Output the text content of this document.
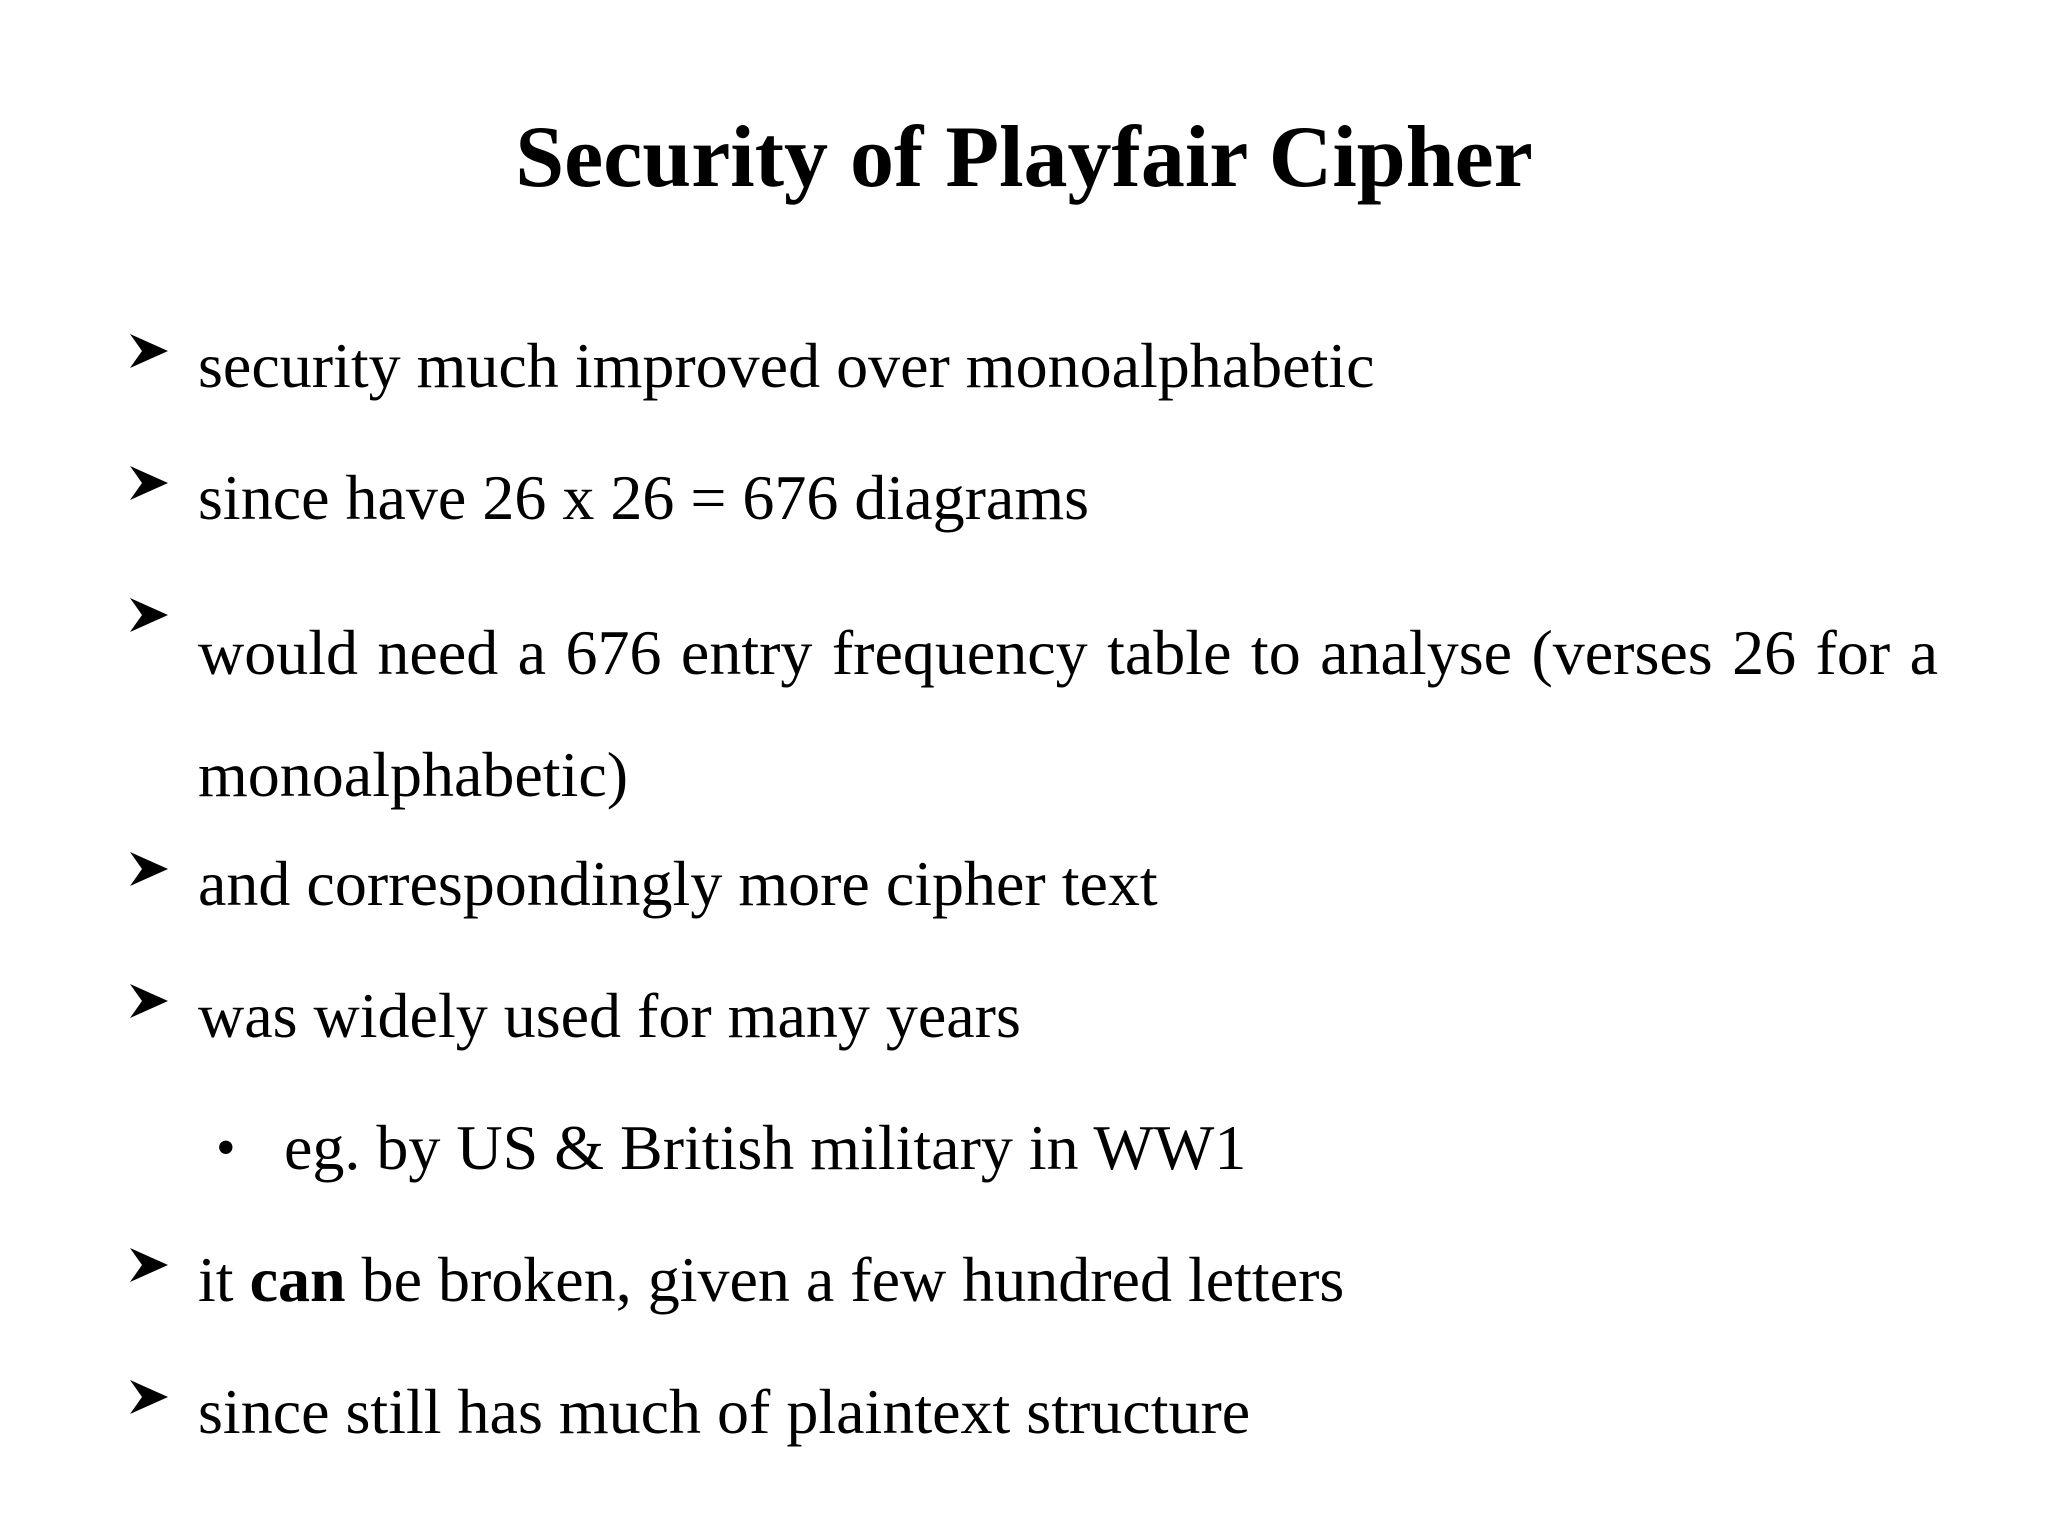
Security of Playfair Cipher
security much improved over monoalphabetic
since have 26 x 26 = 676 diagrams
would need a 676 entry frequency table to analyse (verses 26 for a monoalphabetic)
and correspondingly more cipher text
was widely used for many years
• eg. by US & British military in WW1
it can be broken, given a few hundred letters
since still has much of plaintext structure
